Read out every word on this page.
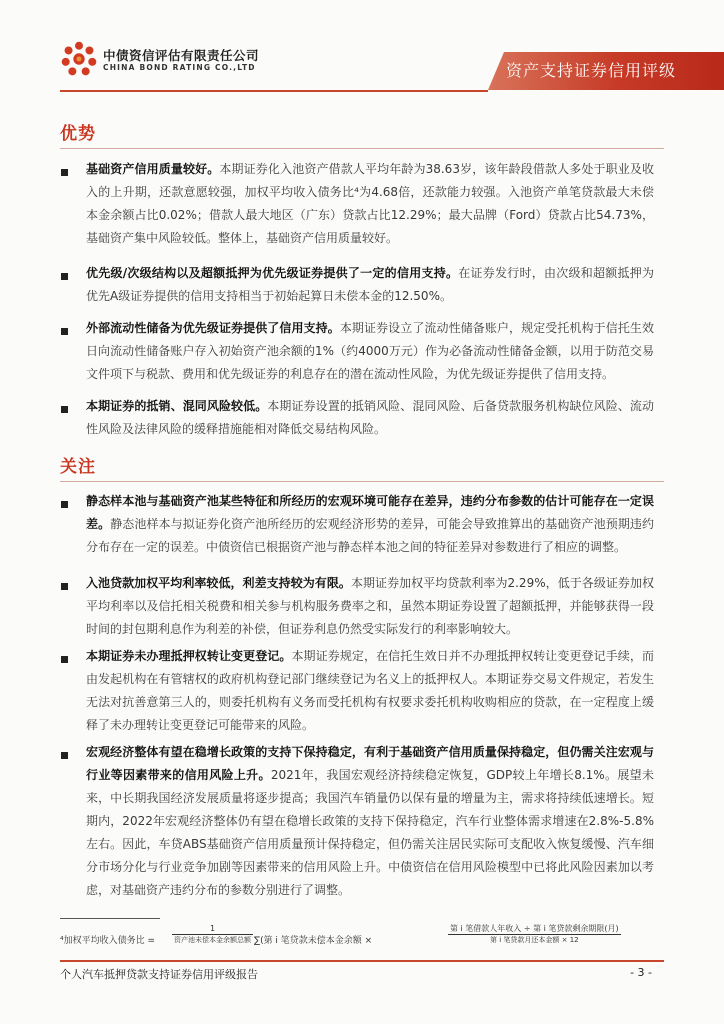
中债资信评估有限责任公司
CHINA BOND RATING CO.,LTD	资产支持证券信用评级
优势
基础资产信用质量较好。本期证券化入池资产借款人平均年龄为38.63岁，该年龄段借款人多处于职业及收入的上升期，还款意愿较强，加权平均收入债务比⁴为4.68倍，还款能力较强。入池资产单笔贷款最大未偿本金余额占比0.02%；借款人最大地区（广东）贷款占比12.29%；最大品牌（Ford）贷款占比54.73%，基础资产集中风险较低。整体上，基础资产信用质量较好。
优先级/次级结构以及超额抵押为优先级证券提供了一定的信用支持。在证券发行时，由次级和超额抵押为优先A级证券提供的信用支持相当于初始起算日未偿本金的12.50%。
外部流动性储备为优先级证券提供了信用支持。本期证券设立了流动性储备账户，规定受托机构于信托生效日向流动性储备账户存入初始资产池余额的1%（约4000万元）作为必备流动性储备金额，以用于防范交易文件项下与税款、费用和优先级证券的利息存在的潜在流动性风险，为优先级证券提供了信用支持。
本期证券的抵销、混同风险较低。本期证券设置的抵销风险、混同风险、后备贷款服务机构缺位风险、流动性风险及法律风险的缓释措施能相对降低交易结构风险。
关注
静态样本池与基础资产池某些特征和所经历的宏观环境可能存在差异，违约分布参数的估计可能存在一定误差。静态池样本与拟证券化资产池所经历的宏观经济形势的差异，可能会导致推算出的基础资产池预期违约分布存在一定的误差。中债资信已根据资产池与静态样本池之间的特征差异对参数进行了相应的调整。
入池贷款加权平均利率较低，利差支持较为有限。本期证券加权平均贷款利率为2.29%，低于各级证券加权平均利率以及信托相关税费和相关参与机构服务费率之和，虽然本期证券设置了超额抵押，并能够获得一段时间的封包期利息作为利差的补偿，但证券利息仍然受实际发行的利率影响较大。
本期证券未办理抵押权转让变更登记。本期证券规定，在信托生效日并不办理抵押权转让变更登记手续，而由发起机构在有管辖权的政府机构登记部门继续登记为名义上的抵押权人。本期证券交易文件规定，若发生无法对抗善意第三人的，则委托机构有义务而受托机构有权要求委托机构收购相应的贷款，在一定程度上缓释了未办理转让变更登记可能带来的风险。
宏观经济整体有望在稳增长政策的支持下保持稳定，有利于基础资产信用质量保持稳定，但仍需关注宏观与行业等因素带来的信用风险上升。2021年，我国宏观经济持续稳定恢复，GDP较上年增长8.1%。展望未来，中长期我国经济发展质量将逐步提高；我国汽车销量仍以保有量的增量为主，需求将持续低速增长。短期内，2022年宏观经济整体仍有望在稳增长政策的支持下保持稳定，汽车行业整体需求增速在2.8%-5.8%左右。因此，车贷ABS基础资产信用质量预计保持稳定，但仍需关注居民实际可支配收入恢复缓慢、汽车细分市场分化与行业竞争加剧等因素带来的信用风险上升。中债资信在信用风险模型中已将此风险因素加以考虑，对基础资产违约分布的参数分别进行了调整。
⁴加权平均收入债务比 =
1
资产池未偿本金余额总额 ∑(第 i 笔贷款未偿本金余额 ×
第 i 笔借款人年收入 ÷ 第 i 笔贷款剩余期限(月)
第 i 笔贷款月还本金额 × 12
个人汽车抵押贷款支持证券信用评级报告	- 3 -
